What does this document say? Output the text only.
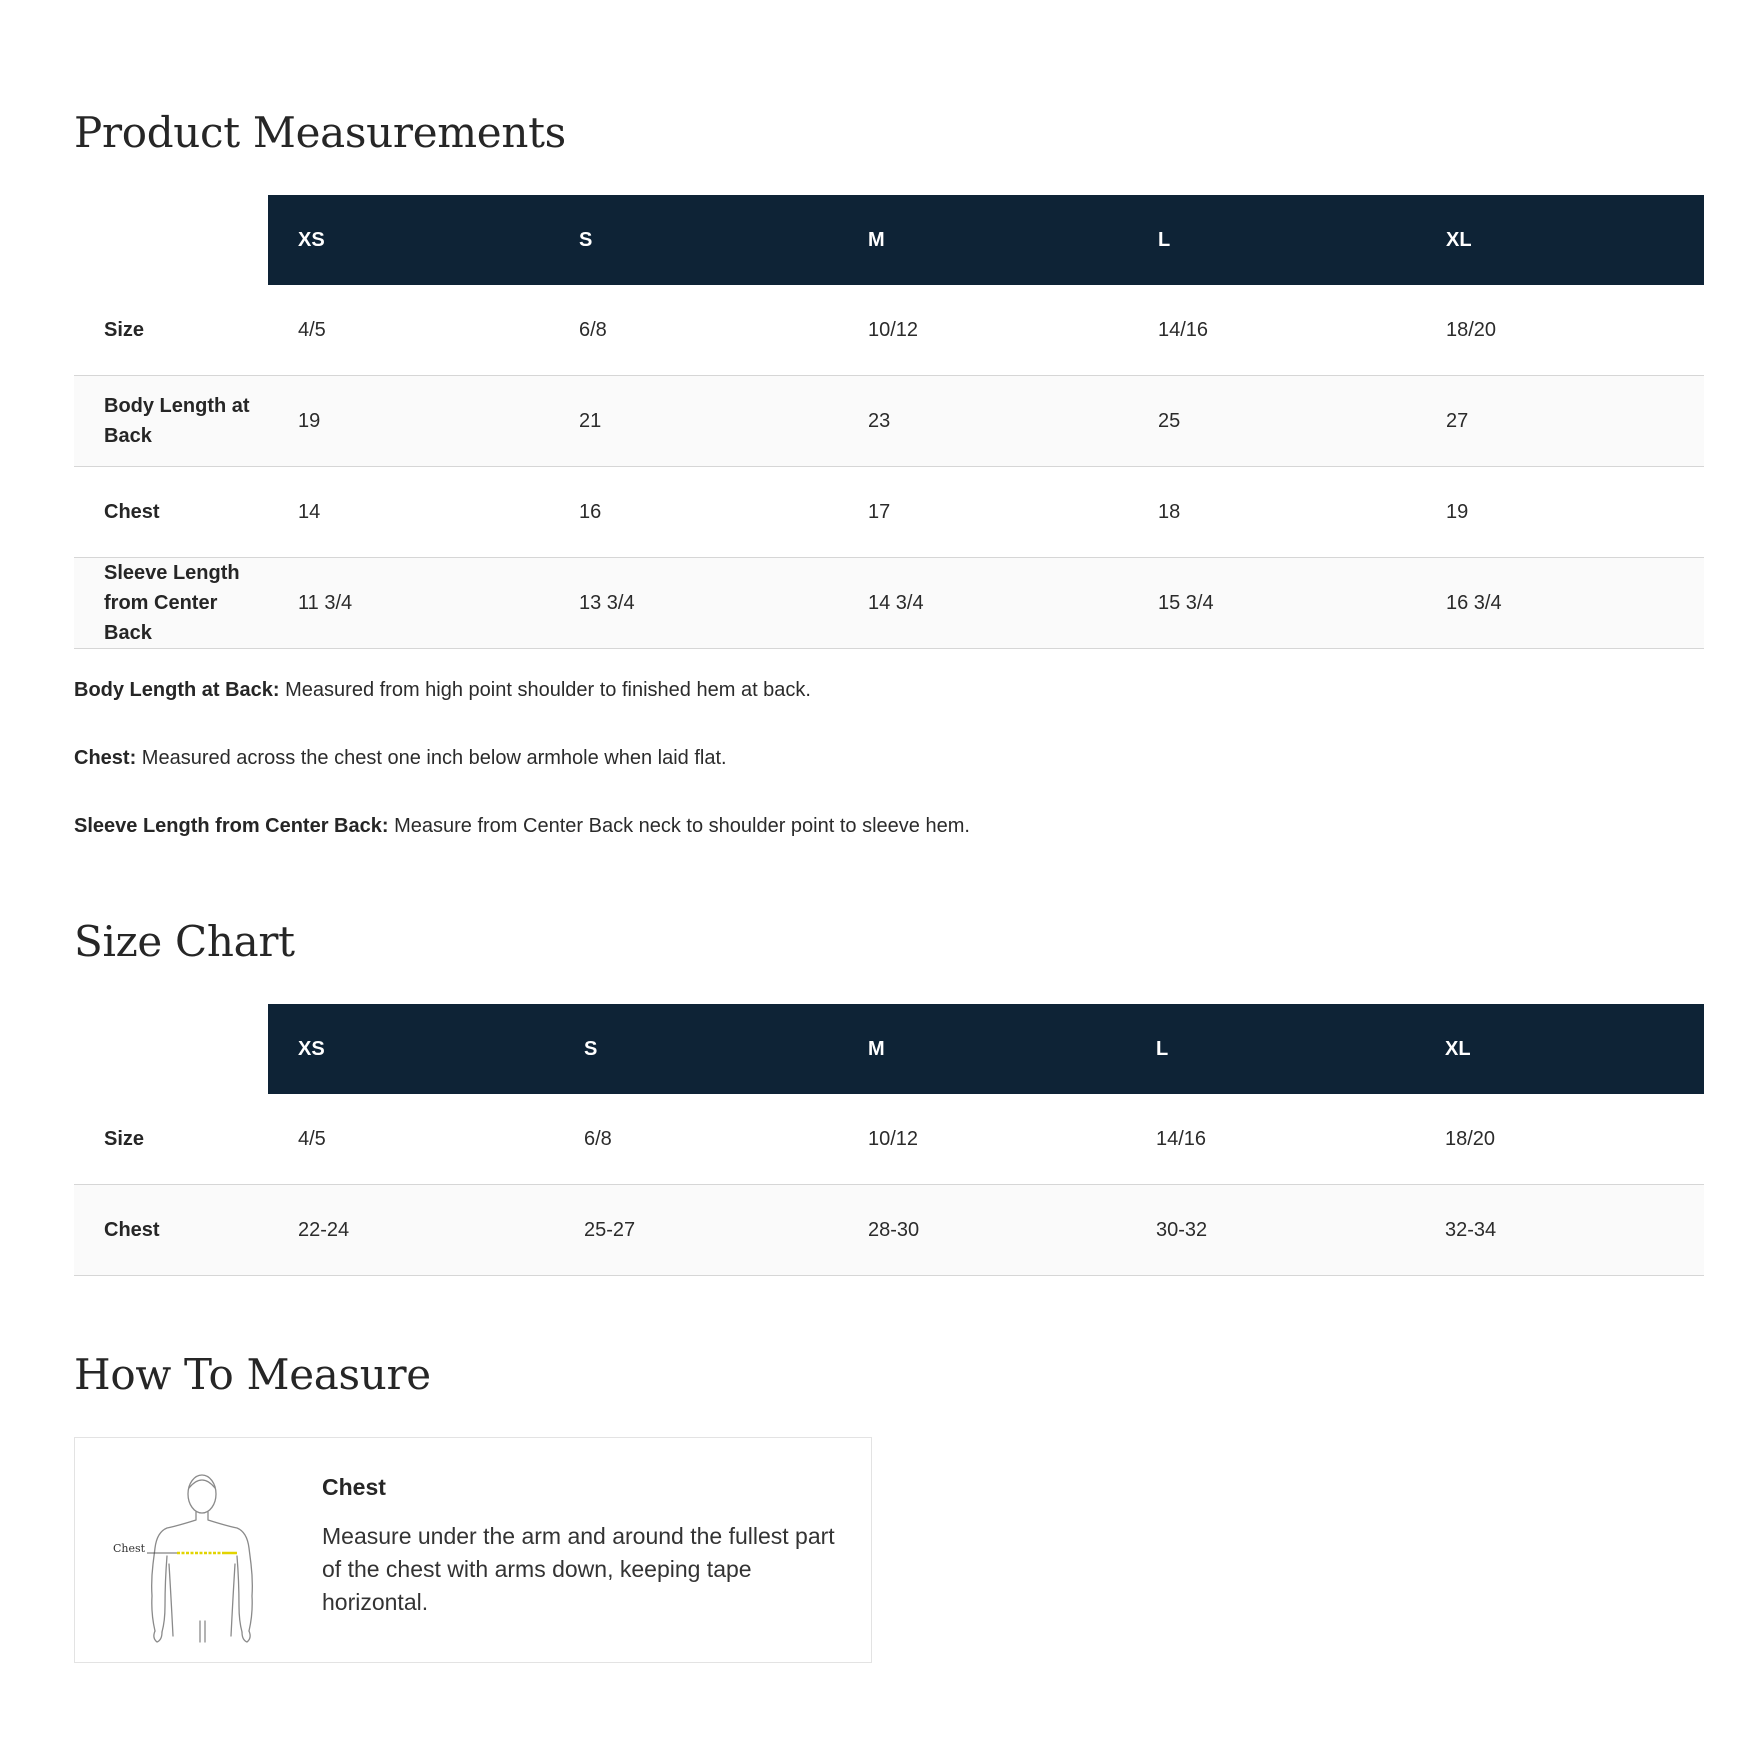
Product Measurements
	XS	S	M	L	XL
Size	4/5	6/8	10/12	14/16	18/20
Body Length at Back	19	21	23	25	27
Chest	14	16	17	18	19
Sleeve Length from Center Back	11 3/4	13 3/4	14 3/4	15 3/4	16 3/4

Body Length at Back: Measured from high point shoulder to finished hem at back.

Chest: Measured across the chest one inch below armhole when laid flat.

Sleeve Length from Center Back: Measure from Center Back neck to shoulder point to sleeve hem.

Size Chart
	XS	S	M	L	XL
Size	4/5	6/8	10/12	14/16	18/20
Chest	22-24	25-27	28-30	30-32	32-34
How To Measure
Chest
Chest
Measure under the arm and around the fullest part of the chest with arms down, keeping tape horizontal.
